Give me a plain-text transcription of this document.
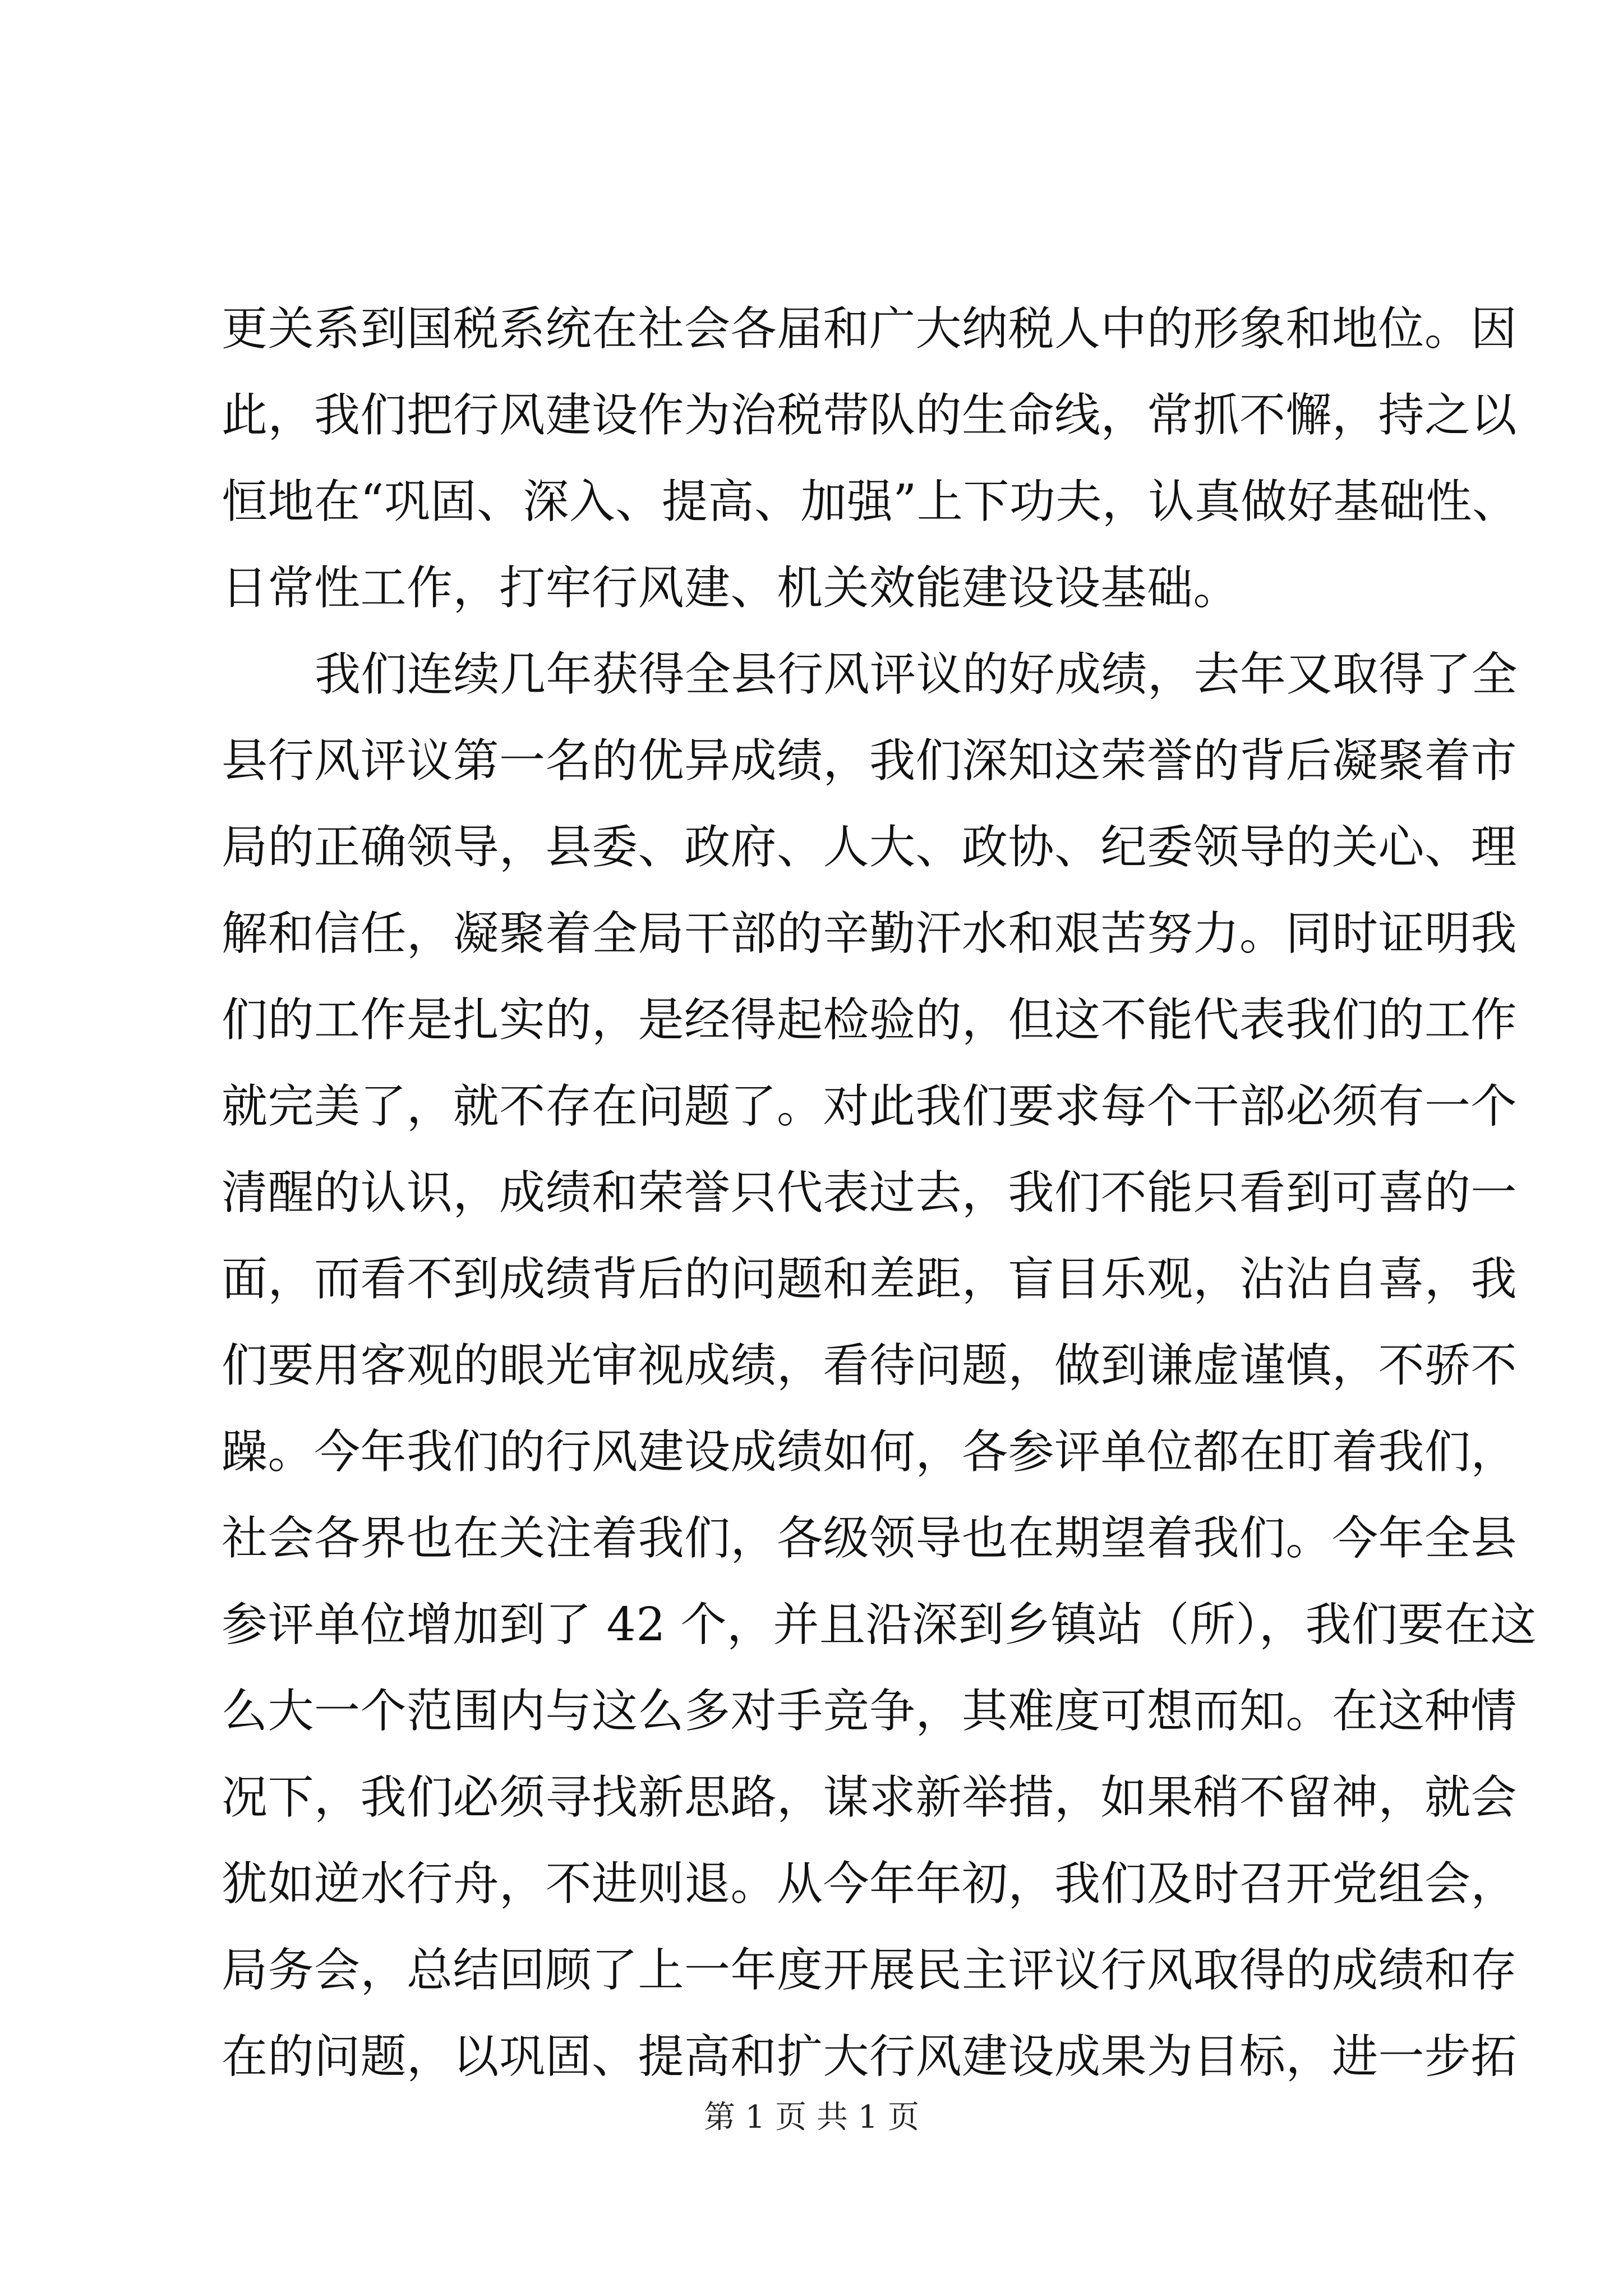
更关系到国税系统在社会各届和广大纳税人中的形象和地位。因
此，我们把行风建设作为治税带队的生命线，常抓不懈，持之以
恒地在“巩固、深入、提高、加强”上下功夫，认真做好基础性、
日常性工作，打牢行风建、机关效能建设设基础。
我们连续几年获得全县行风评议的好成绩，去年又取得了全
县行风评议第一名的优异成绩，我们深知这荣誉的背后凝聚着市
局的正确领导，县委、政府、人大、政协、纪委领导的关心、理
解和信任，凝聚着全局干部的辛勤汗水和艰苦努力。同时证明我
们的工作是扎实的，是经得起检验的，但这不能代表我们的工作
就完美了，就不存在问题了。对此我们要求每个干部必须有一个
清醒的认识，成绩和荣誉只代表过去，我们不能只看到可喜的一
面，而看不到成绩背后的问题和差距，盲目乐观，沾沾自喜，我
们要用客观的眼光审视成绩，看待问题，做到谦虚谨慎，不骄不
躁。今年我们的行风建设成绩如何，各参评单位都在盯着我们，
社会各界也在关注着我们，各级领导也在期望着我们。今年全县
参评单位增加到了 42 个，并且沿深到乡镇站（所），我们要在这
么大一个范围内与这么多对手竞争，其难度可想而知。在这种情
况下，我们必须寻找新思路，谋求新举措，如果稍不留神，就会
犹如逆水行舟，不进则退。从今年年初，我们及时召开党组会，
局务会，总结回顾了上一年度开展民主评议行风取得的成绩和存
在的问题，以巩固、提高和扩大行风建设成果为目标，进一步拓
第 1 页 共 1 页
